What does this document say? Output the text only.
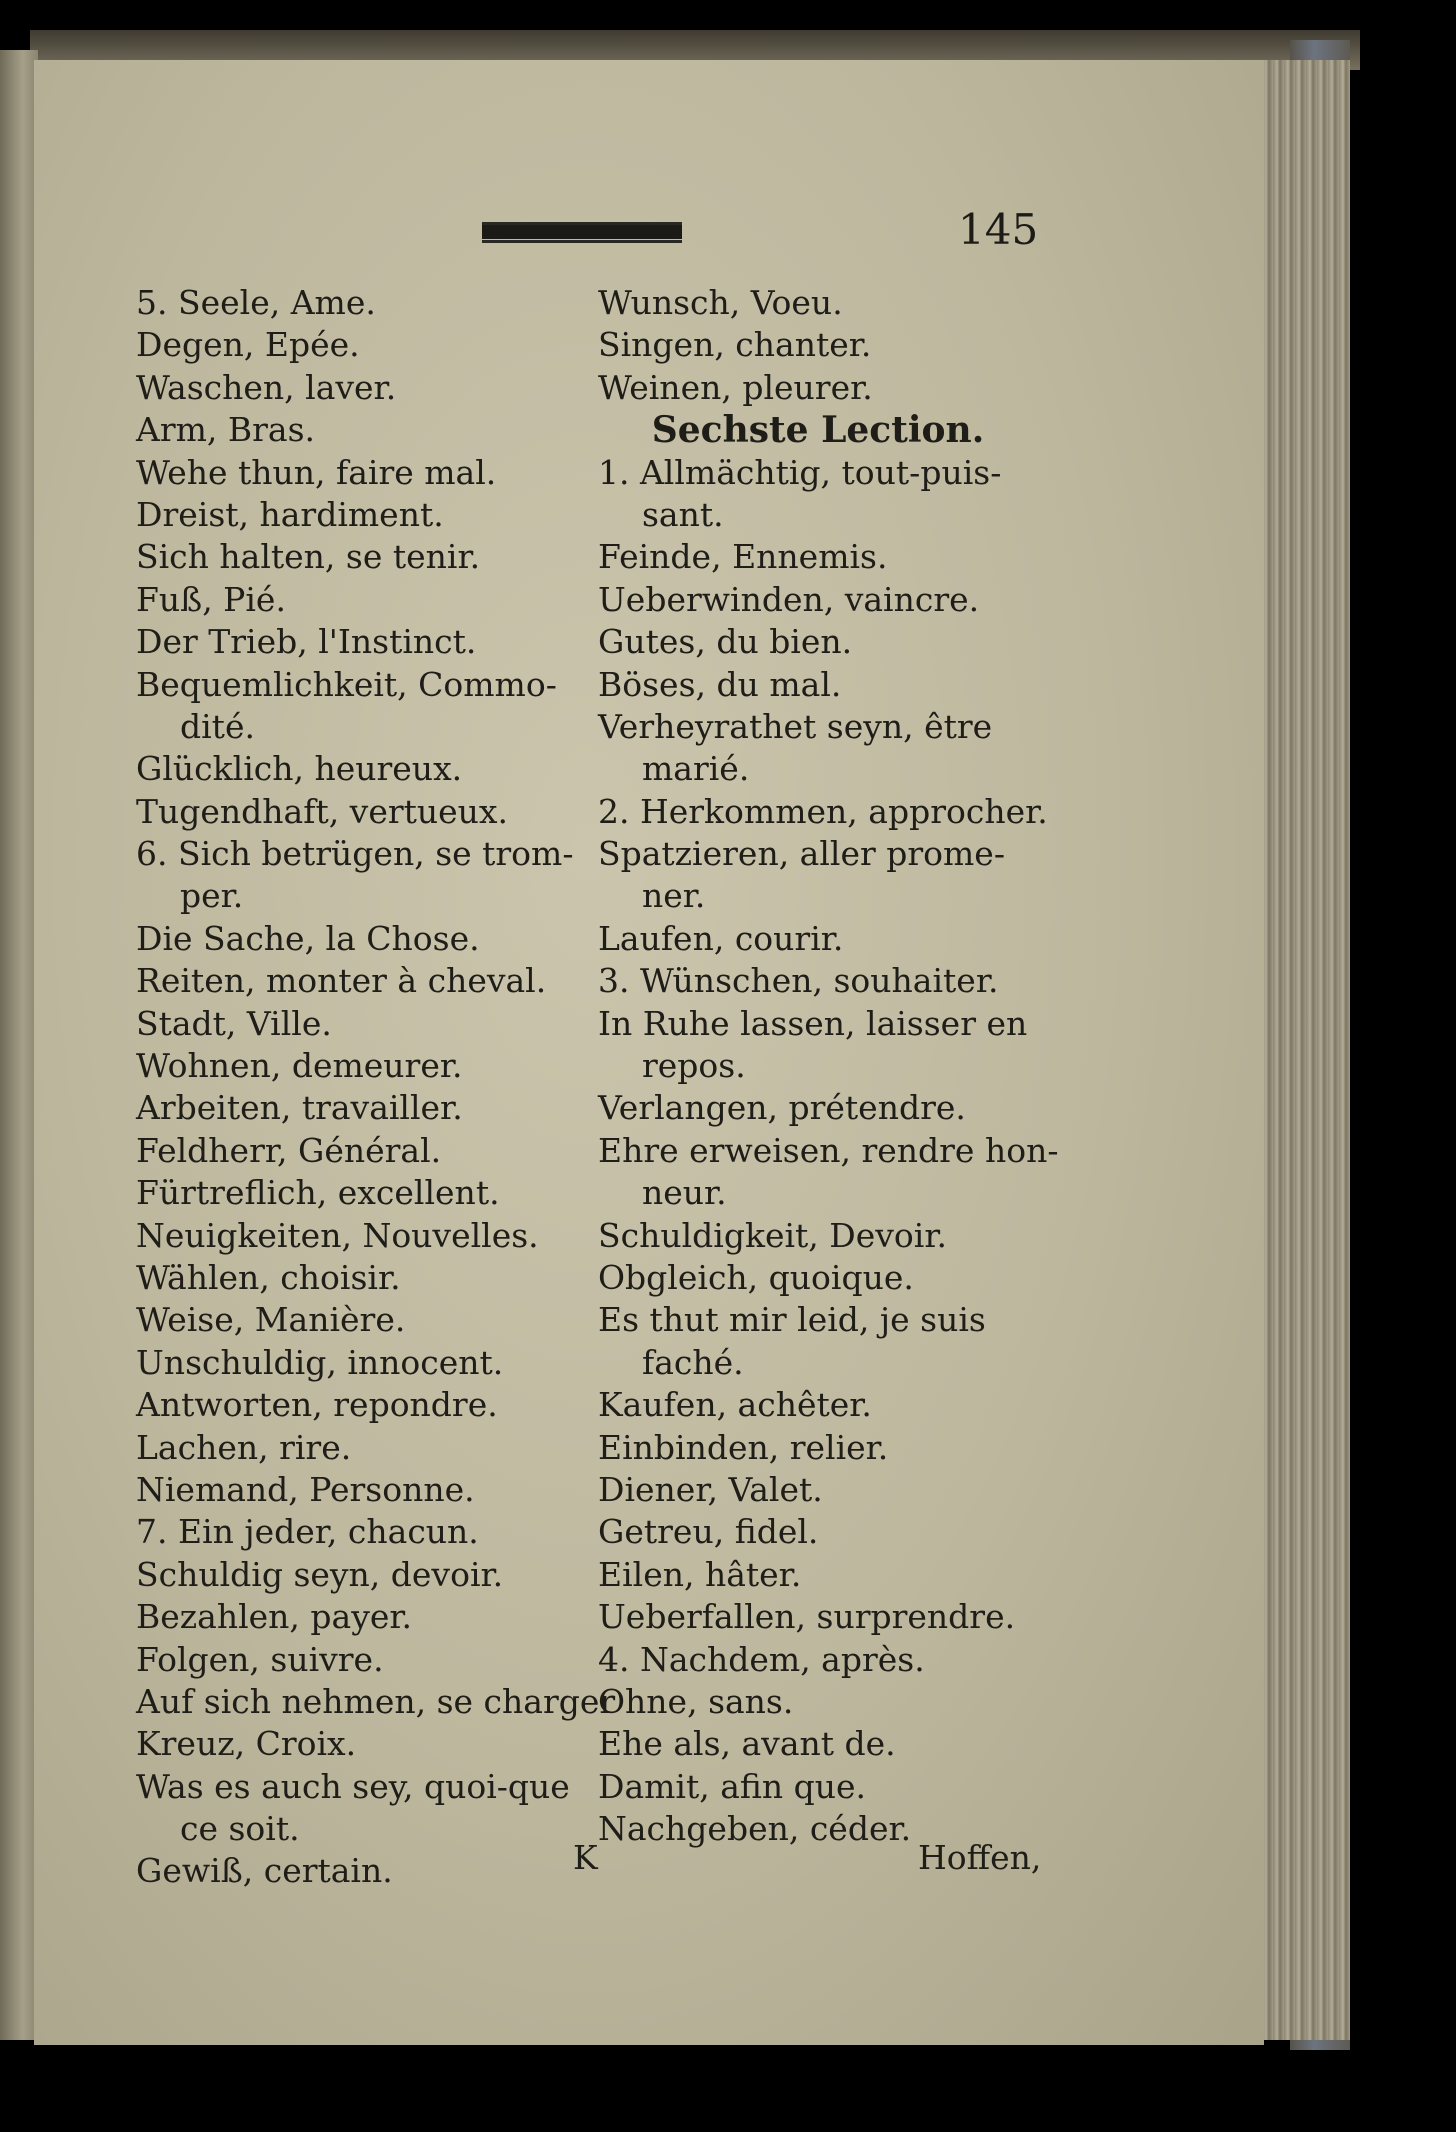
145
5. Seele, Ame.
Degen, Epée.
Waschen, laver.
Arm, Bras.
Wehe thun, faire mal.
Dreist, hardiment.
Sich halten, se tenir.
Fuß, Pié.
Der Trieb, l'Instinct.
Bequemlichkeit, Commo-
dité.
Glücklich, heureux.
Tugendhaft, vertueux.
6. Sich betrügen, se trom-
per.
Die Sache, la Chose.
Reiten, monter à cheval.
Stadt, Ville.
Wohnen, demeurer.
Arbeiten, travailler.
Feldherr, Général.
Fürtreflich, excellent.
Neuigkeiten, Nouvelles.
Wählen, choisir.
Weise, Manière.
Unschuldig, innocent.
Antworten, repondre.
Lachen, rire.
Niemand, Personne.
7. Ein jeder, chacun.
Schuldig seyn, devoir.
Bezahlen, payer.
Folgen, suivre.
Auf sich nehmen, se charger
Kreuz, Croix.
Was es auch sey, quoi-que
ce soit.
Gewiß, certain.
Wunsch, Voeu.
Singen, chanter.
Weinen, pleurer.
Sechste Lection.
1. Allmächtig, tout-puis-
sant.
Feinde, Ennemis.
Ueberwinden, vaincre.
Gutes, du bien.
Böses, du mal.
Verheyrathet seyn, être
marié.
2. Herkommen, approcher.
Spatzieren, aller prome-
ner.
Laufen, courir.
3. Wünschen, souhaiter.
In Ruhe lassen, laisser en
repos.
Verlangen, prétendre.
Ehre erweisen, rendre hon-
neur.
Schuldigkeit, Devoir.
Obgleich, quoique.
Es thut mir leid, je suis
faché.
Kaufen, achêter.
Einbinden, relier.
Diener, Valet.
Getreu, fidel.
Eilen, hâter.
Ueberfallen, surprendre.
4. Nachdem, après.
Ohne, sans.
Ehe als, avant de.
Damit, afin que.
Nachgeben, céder.
K	Hoffen,
